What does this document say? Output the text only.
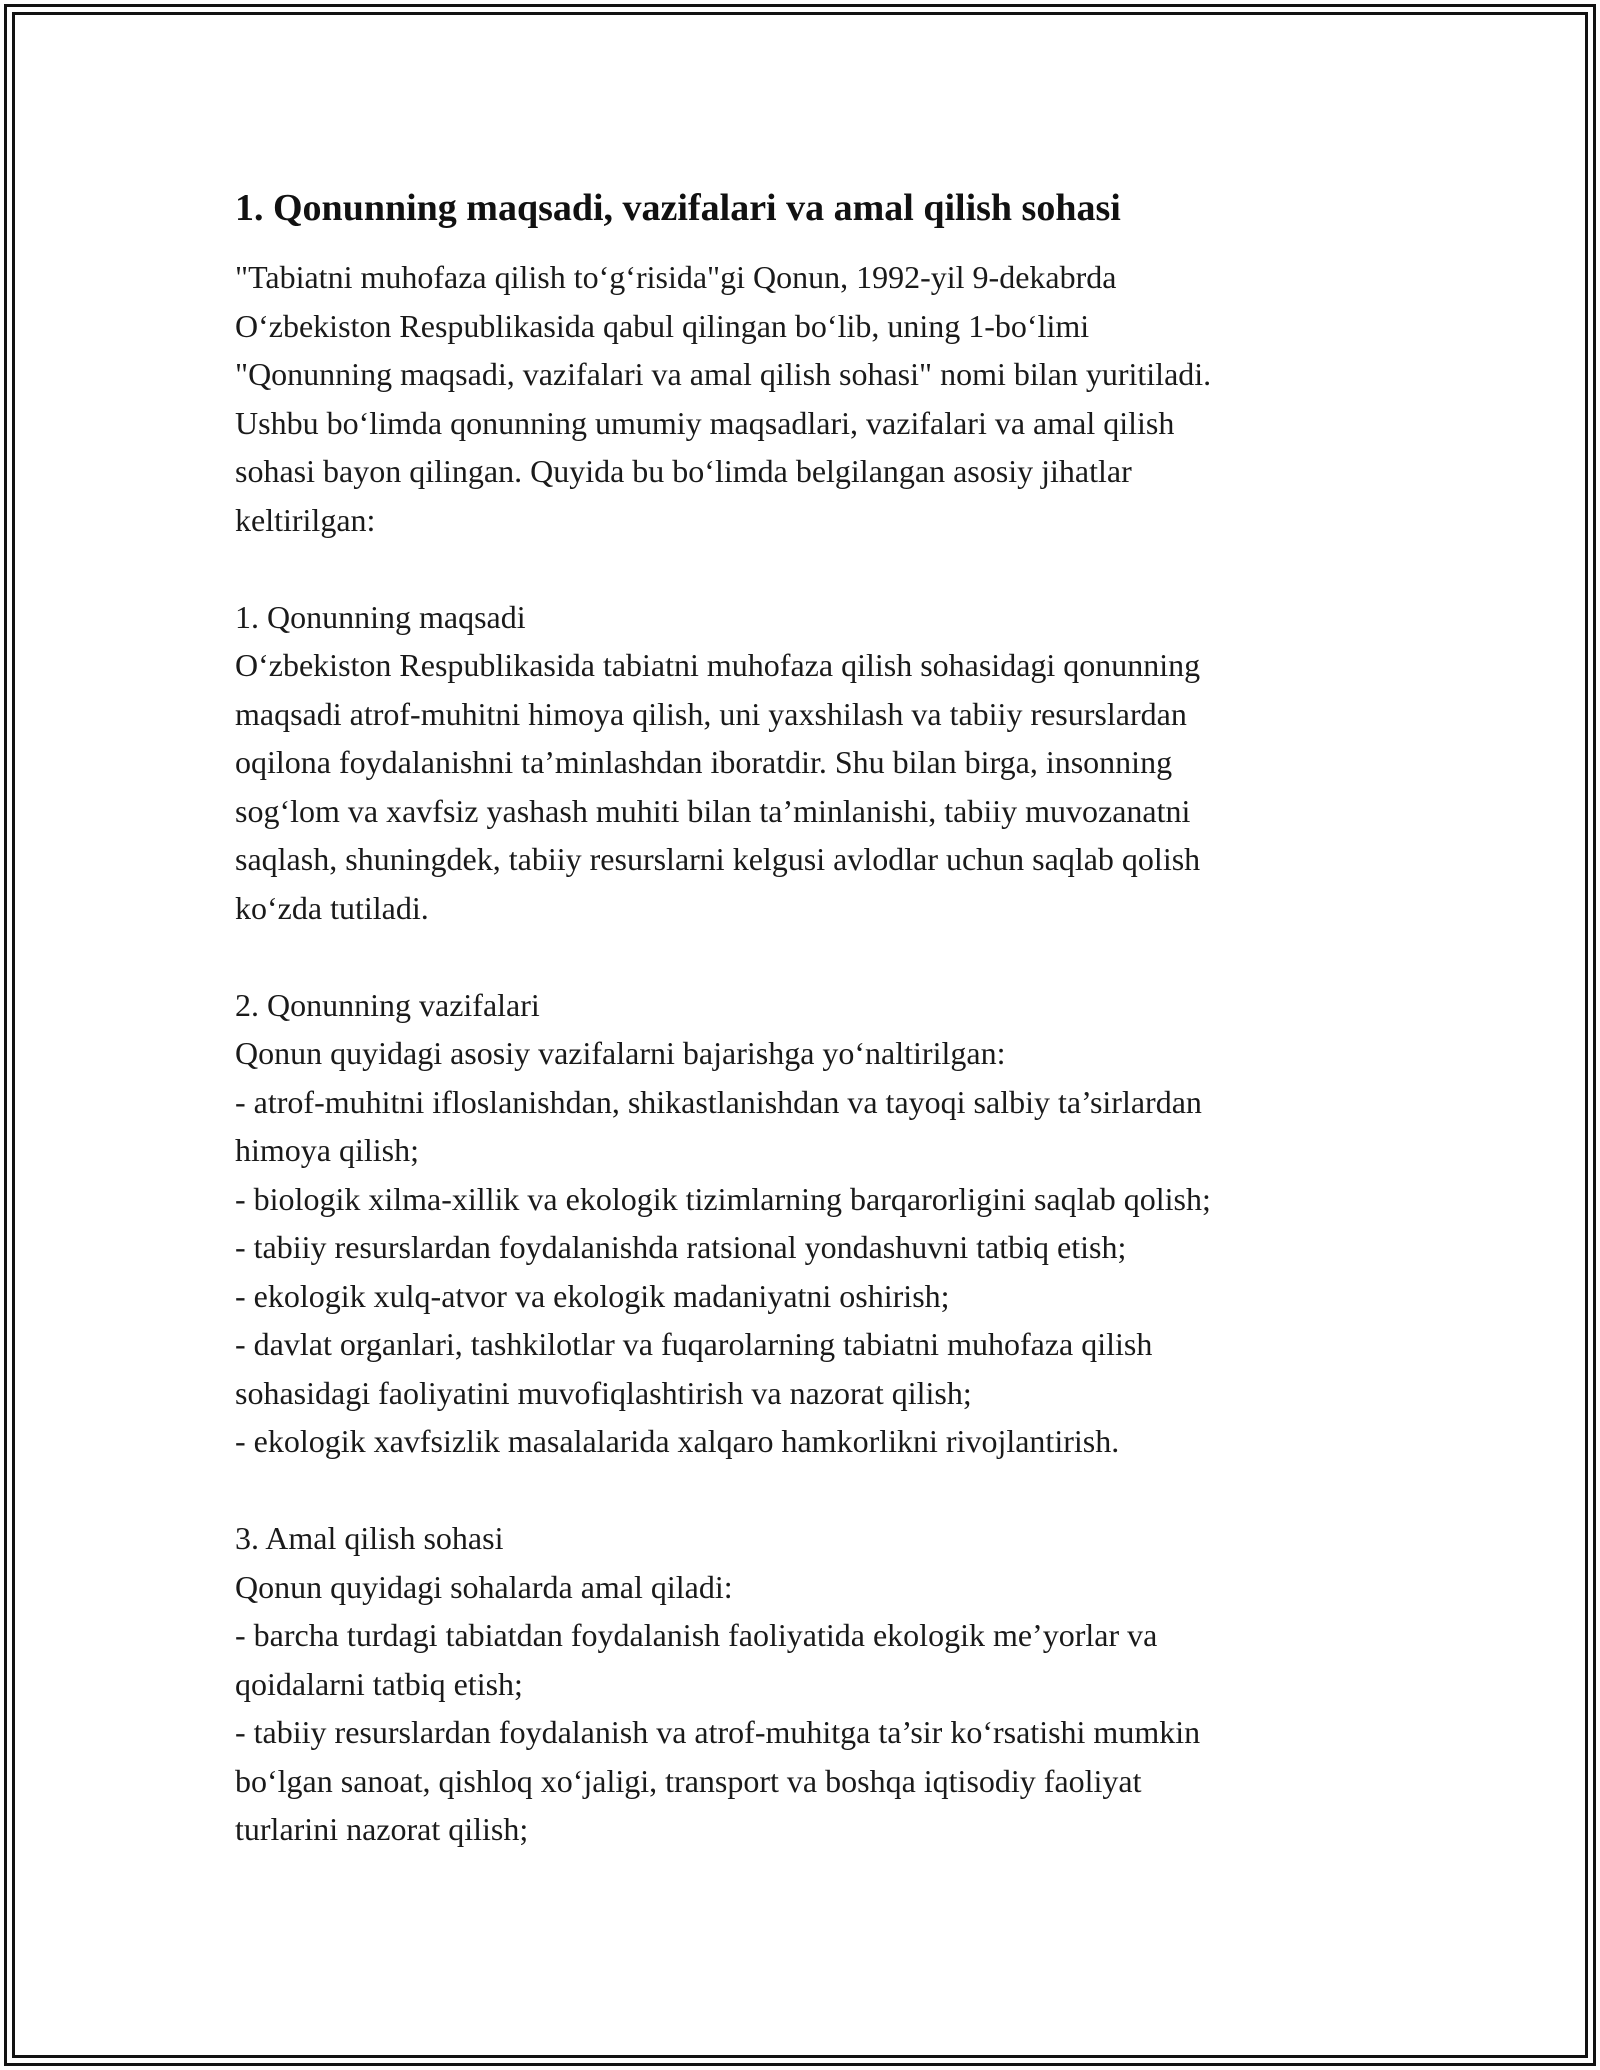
1. Qonunning maqsadi, vazifalari va amal qilish sohasi
"Tabiatni muhofaza qilish to‘g‘risida"gi Qonun, 1992-yil 9-dekabrda
O‘zbekiston Respublikasida qabul qilingan bo‘lib, uning 1-bo‘limi
"Qonunning maqsadi, vazifalari va amal qilish sohasi" nomi bilan yuritiladi.
Ushbu bo‘limda qonunning umumiy maqsadlari, vazifalari va amal qilish
sohasi bayon qilingan. Quyida bu bo‘limda belgilangan asosiy jihatlar
keltirilgan:
1. Qonunning maqsadi
O‘zbekiston Respublikasida tabiatni muhofaza qilish sohasidagi qonunning
maqsadi atrof-muhitni himoya qilish, uni yaxshilash va tabiiy resurslardan
oqilona foydalanishni ta’minlashdan iboratdir. Shu bilan birga, insonning
sog‘lom va xavfsiz yashash muhiti bilan ta’minlanishi, tabiiy muvozanatni
saqlash, shuningdek, tabiiy resurslarni kelgusi avlodlar uchun saqlab qolish
ko‘zda tutiladi.
2. Qonunning vazifalari
Qonun quyidagi asosiy vazifalarni bajarishga yo‘naltirilgan:
- atrof-muhitni ifloslanishdan, shikastlanishdan va tayoqi salbiy ta’sirlardan
himoya qilish;
- biologik xilma-xillik va ekologik tizimlarning barqarorligini saqlab qolish;
- tabiiy resurslardan foydalanishda ratsional yondashuvni tatbiq etish;
- ekologik xulq-atvor va ekologik madaniyatni oshirish;
- davlat organlari, tashkilotlar va fuqarolarning tabiatni muhofaza qilish
sohasidagi faoliyatini muvofiqlashtirish va nazorat qilish;
- ekologik xavfsizlik masalalarida xalqaro hamkorlikni rivojlantirish.
3. Amal qilish sohasi
Qonun quyidagi sohalarda amal qiladi:
- barcha turdagi tabiatdan foydalanish faoliyatida ekologik me’yorlar va
qoidalarni tatbiq etish;
- tabiiy resurslardan foydalanish va atrof-muhitga ta’sir ko‘rsatishi mumkin
bo‘lgan sanoat, qishloq xo‘jaligi, transport va boshqa iqtisodiy faoliyat
turlarini nazorat qilish;
